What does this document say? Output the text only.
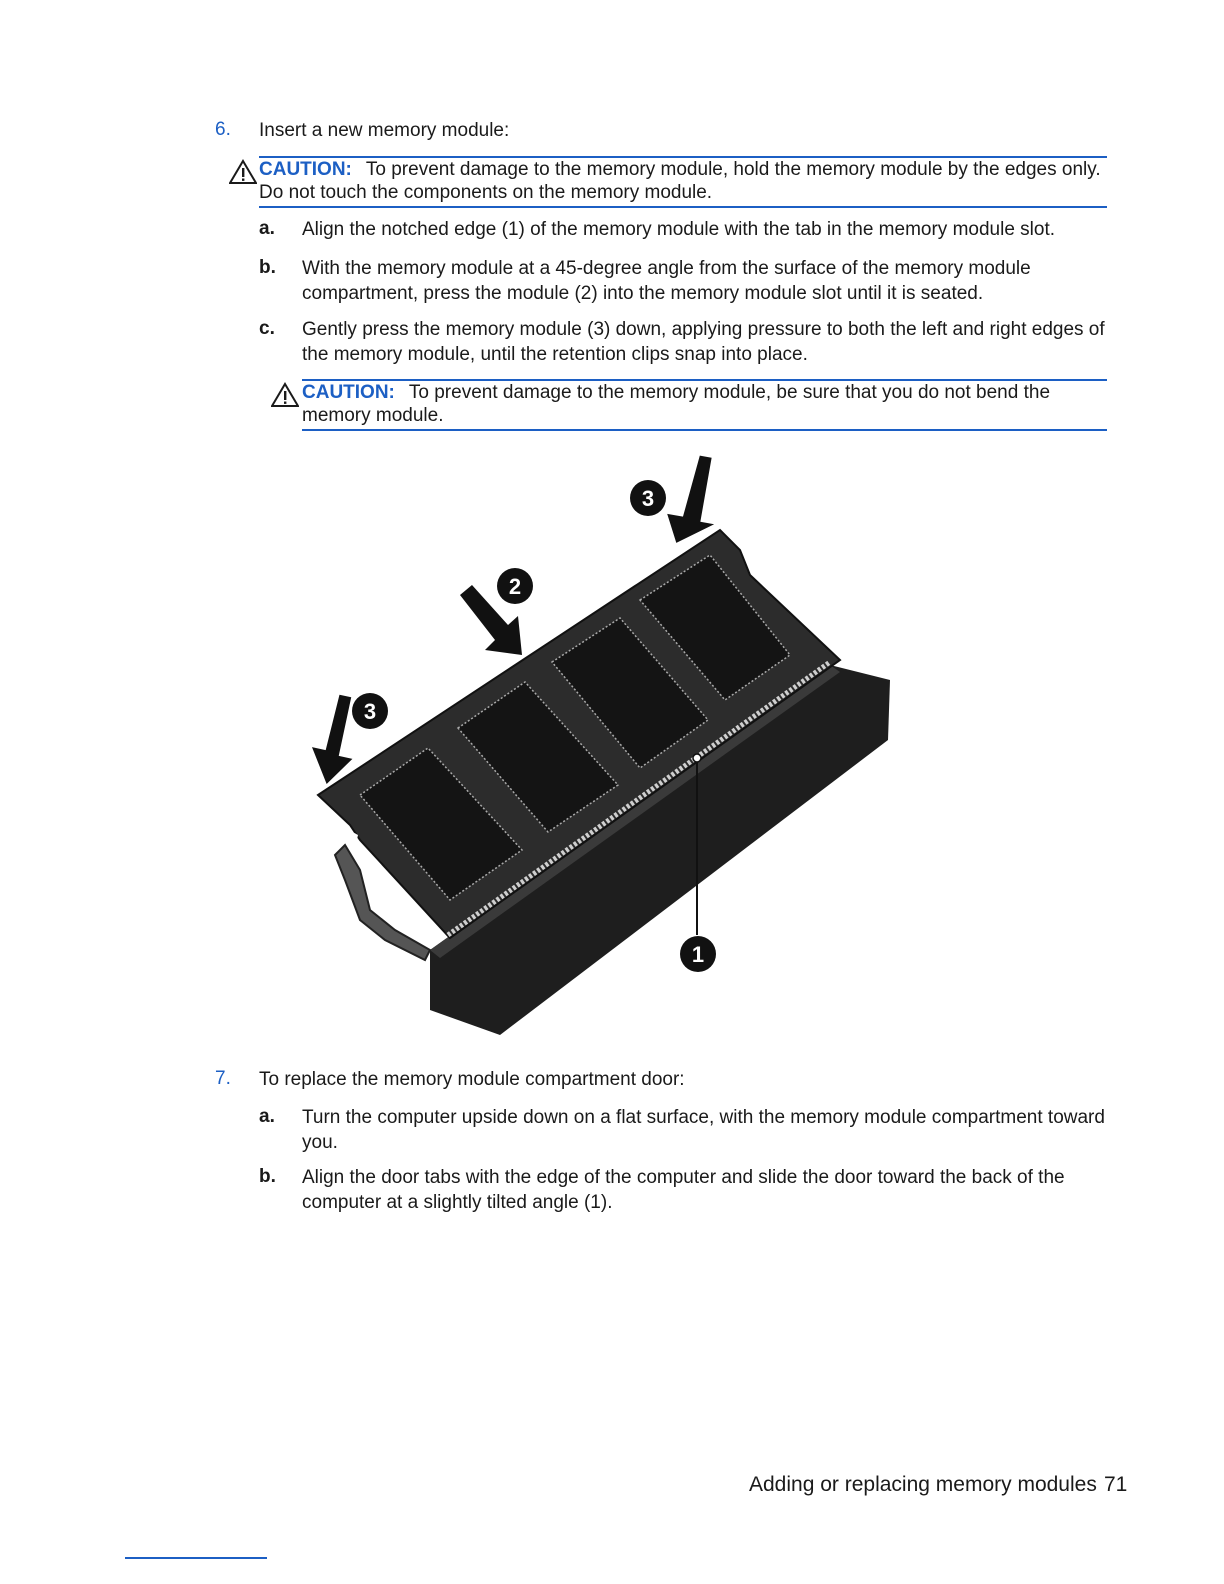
6. Insert a new memory module:
CAUTION: To prevent damage to the memory module, hold the memory module by the edges only. Do not touch the components on the memory module.
a. Align the notched edge (1) of the memory module with the tab in the memory module slot.
b. With the memory module at a 45-degree angle from the surface of the memory module compartment, press the module (2) into the memory module slot until it is seated.
c. Gently press the memory module (3) down, applying pressure to both the left and right edges of the memory module, until the retention clips snap into place.
CAUTION: To prevent damage to the memory module, be sure that you do not bend the memory module.
3
2
3
1
7. To replace the memory module compartment door:
a. Turn the computer upside down on a flat surface, with the memory module compartment toward you.
b. Align the door tabs with the edge of the computer and slide the door toward the back of the computer at a slightly tilted angle (1).
Adding or replacing memory modules 71
